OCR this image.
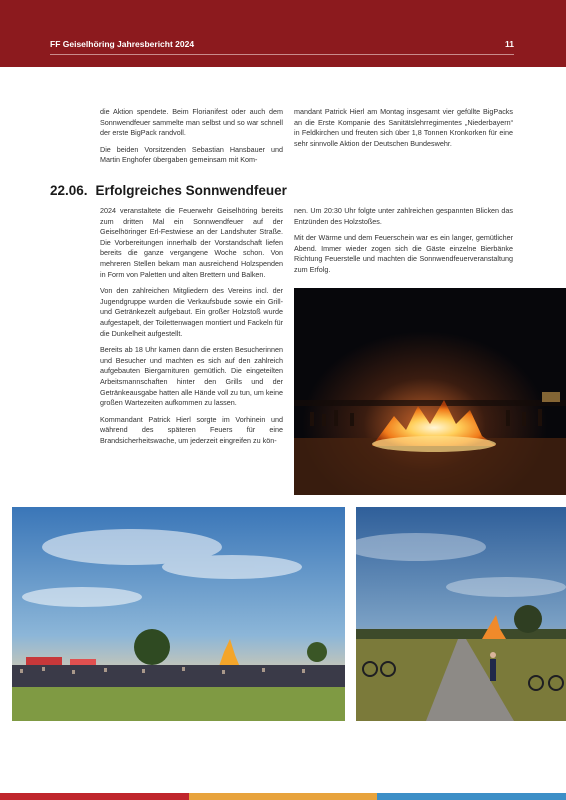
FF Geiselhöring Jahresbericht 2024	11

die Aktion spendete. Beim Florianifest oder auch dem Sonnwendfeuer sammelte man selbst und so war schnell der erste BigPack randvoll.

Die beiden Vorsitzenden Sebastian Hansbauer und Martin Enghofer übergaben gemeinsam mit Kom-

mandant Patrick Hierl am Montag insgesamt vier gefüllte BigPacks an die Erste Kompanie des Sanitätslehrregimentes „Niederbayern“ in Feldkirchen und freuten sich über 1,8 Tonnen Kronkorken für eine sehr sinnvolle Aktion der Deutschen Bundeswehr.

22.06. Erfolgreiches Sonnwendfeuer

2024 veranstaltete die Feuerwehr Geiselhöring bereits zum dritten Mal ein Sonnwendfeuer auf der Geiselhöringer Erl-Festwiese an der Landshuter Straße. Die Vorbereitungen innerhalb der Vorstandschaft liefen bereits die ganze vergangene Woche schon. Von mehreren Stellen bekam man ausreichend Holzspenden in Form von Paletten und alten Brettern und Balken.

Von den zahlreichen Mitgliedern des Vereins incl. der Jugendgruppe wurden die Verkaufsbude sowie ein Grill- und Getränkezelt aufgebaut. Ein großer Holzstoß wurde aufgestapelt, der Toilettenwagen montiert und Fackeln für die Dunkelheit aufgestellt.

Bereits ab 18 Uhr kamen dann die ersten Besucherinnen und Besucher und machten es sich auf den zahlreich aufgebauten Biergarnituren gemütlich. Die eingeteilten Arbeitsmannschaften hinter den Grills und der Getränkeausgabe hatten alle Hände voll zu tun, um keine großen Wartezeiten aufkommen zu lassen.

Kommandant Patrick Hierl sorgte im Vorhinein und während des späteren Feuers für eine Brandsicherheitswache, um jederzeit eingreifen zu kön-

nen. Um 20:30 Uhr folgte unter zahlreichen gespannten Blicken das Entzünden des Holzstoßes.

Mit der Wärme und dem Feuerschein war es ein langer, gemütlicher Abend. Immer wieder zogen sich die Gäste einzelne Bierbänke Richtung Feuerstelle und machten die Sonnwendfeuerveranstaltung zum Erfolg.
